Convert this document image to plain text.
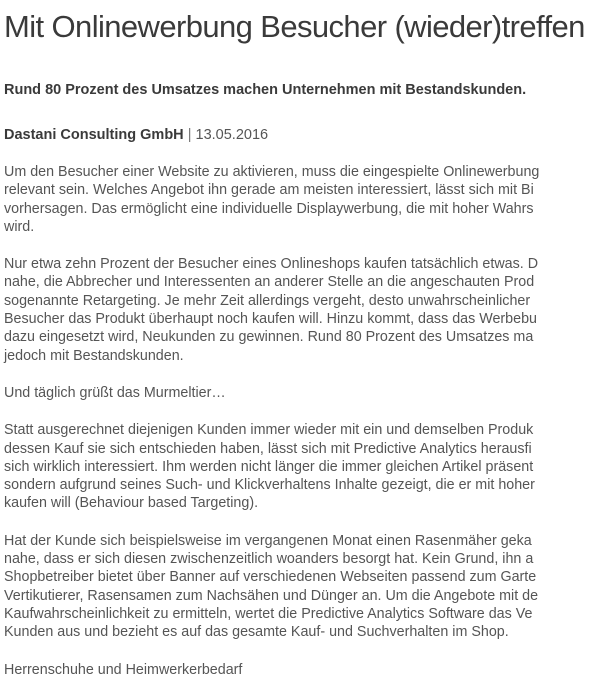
Mit Onlinewerbung Besucher (wieder)treffen

Rund 80 Prozent des Umsatzes machen Unternehmen mit Bestandskunden.

Dastani Consulting GmbH | 13.05.2016

Um den Besucher einer Website zu aktivieren, muss die eingespielte Onlinewerbung
relevant sein. Welches Angebot ihn gerade am meisten interessiert, lässt sich mit Bi
vorhersagen. Das ermöglicht eine individuelle Displaywerbung, die mit hoher Wahrs
wird.

Nur etwa zehn Prozent der Besucher eines Onlineshops kaufen tatsächlich etwas. D
nahe, die Abbrecher und Interessenten an anderer Stelle an die angeschauten Prod
sogenannte Retargeting. Je mehr Zeit allerdings vergeht, desto unwahrscheinlicher
Besucher das Produkt überhaupt noch kaufen will. Hinzu kommt, dass das Werbebu
dazu eingesetzt wird, Neukunden zu gewinnen. Rund 80 Prozent des Umsatzes ma
jedoch mit Bestandskunden.

Und täglich grüßt das Murmeltier…

Statt ausgerechnet diejenigen Kunden immer wieder mit ein und demselben Produk
dessen Kauf sie sich entschieden haben, lässt sich mit Predictive Analytics herausfi
sich wirklich interessiert. Ihm werden nicht länger die immer gleichen Artikel präsent
sondern aufgrund seines Such- und Klickverhaltens Inhalte gezeigt, die er mit hoher
kaufen will (Behaviour based Targeting).

Hat der Kunde sich beispielsweise im vergangenen Monat einen Rasenmäher geka
nahe, dass er sich diesen zwischenzeitlich woanders besorgt hat. Kein Grund, ihn a
Shopbetreiber bietet über Banner auf verschiedenen Webseiten passend zum Garte
Vertikutierer, Rasensamen zum Nachsähen und Dünger an. Um die Angebote mit de
Kaufwahrscheinlichkeit zu ermitteln, wertet die Predictive Analytics Software das Ve
Kunden aus und bezieht es auf das gesamte Kauf- und Suchverhalten im Shop.

Herrenschuhe und Heimwerkerbedarf
